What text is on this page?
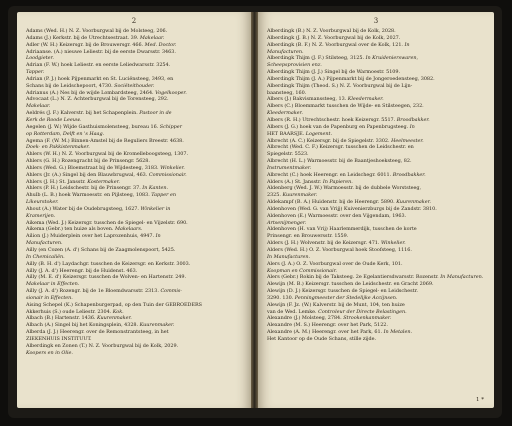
2
Adams (Wed. H.) N. Z. Voorburgwal bij de Molsteeg, 206.
Adams (J.) Kerkstr. bij de Utrechtsestraat. 39. Makelaar.
Adler (W. H.) Keizersgr. bij de Brouwersgr. 466. Med. Doctor.
Adriaanse. (A.) nieuwe Leliestr. bij de eerste Dwarsstr. 3463.
Loodgieter.
Adrian (F. W.) hoek Leliestr. en eerste Leliedwarsstr. 3254.
Tapper.
Adrian (P. J.) hoek Pijpenmarkt en St. Luciënsteeg, 3493, en
Schans bij de Leidschepoort, 4730. Sociëteithouder.
Adrianus (A.) Nes bij de wijde Lombardsteeg, 2464. Vogelkooper.
Advocaat (L.) N. Z. Achterburgwal bij de Torensteeg, 292.
Makelaar.
Aeldrés (J. F.) Kalverstr. bij het Schapenplein. Pastoor in de
Kerk de Roode Leeuw.
Aegelen (J. W.) Wijde Gasthuismolensteeg, bureau 16. Schipper
op Rotterdam, Delft en 's Haag.
Agema (F. (W. M.) Binnen-Amstel bij de Reguliers Breestr. 4638.
Doek- en Pakkistenmaker.
Ahlers (W. H.) N. Z. Voorburgwal bij de Kromelleboogsteeg, 1307.
Ahlers (G. H.) Rozengracht bij de Prinsengr. 5628.
Ahlers (Wed. G.) Bloemstraat bij de Wijdesteeg, 3183. Winkelier.
Ahlers (Jr. (A.) Singel bij den Blauwbrugwal, 463. Commissionair.
Ahlers (J. H.) St. Jansstr. Kostermaker.
Ahlers (P. H.) Leidschestr. bij de Prinsengr. 37. In Kanten.
Ahulb (L. B.) hoek Warmoesstr. en Pijlsteeg, 1083. Tapper en
Likeurstoker.
Ahout (A.) Water bij de Oudebrugsteeg, 1627. Winkelier in
Kramerijen.
Aikema (Wed. J.) Keizersgr. tusschen de Spiegel- en Vijzelstr. 690.
Aikema (Gebr.) ten huize als boven. Makelaars.
Ailion (J.) Muiderplein over het Laprozenhuis, 4947. In
Manufacturen.
Ailly (en Cozen (A. d') Schans bij de Zaagmolenspoort, 5425.
In Chemicaliën.
Ailly (B. H. d') Laydachgr. tusschen de Keizersgr. en Kerkstr. 3003.
Ailly (J. A. d') Heerengr. bij de Huidenst. 463.
Ailly (M. E. d') Keizersgr. tusschen de Wolven- en Hartenstr. 249.
Makelaar in Effecten.
Ailly (J. A. d') Rozengr. bij de 1e Bloemdwarsstr. 2313. Commis-
sionair in Effecten.
Aising Schepel (K.) Schapenburgerpad, op den Tuin der GEBROEDERS
Akkerhuis (S.) oude Leliestr. 2304. Kok.
Albach (B.) Hartenstr. 1436. Kuurenmaker.
Albach (A.) Singel bij het Koningsplein, 4328. Kuurenmaker.
Alberda (J. J.) Heerengr. over de Remonstrantsteeg, in het
ZIEKENHUIS INSTITUUT.
Alberdingk en Zonen (T.) N. Z. Voorburgwal bij de Kolk, 2029.
Koopers en in Olie.
3
Alberdingk (B.) N. Z. Voorburgwal bij de Kolk, 2028.
Alberdingk (J. B.) N. Z. Voorburgwal bij de Kolk, 2027.
Alberdingk (B. F.) N. Z. Voorburgwal over de Kolk, 121. In
Manufacturen.
Alberdingk Thijm (J. F.) Stilsteeg, 3125. In Kruidenierswaren,
Scheepsprovisien enz.
Alberdingk Thijm (J. J.) Singel bij de Warmoestr. 5109.
Alberdingk Thijm (J. A.) Pijpenmarkt bij de Jongeroedensteeg, 3082.
Alberdingk Thijm (Theod. S.) N. Z. Voorburgwal bij de Lijn-
baansteeg, 160.
Albers (J.) Bakvismanssteeg, 13. Kleedermaker.
Albers (C.) Bloemmarkt tusschen de Wijde- en Stilsteegen, 232.
Kleedermaker.
Albers (R. H.) Utrechtschestr. hoek Keizersgr. 5517. Broodbakker.
Albers (J. G.) hoek van de Papenburg en Papenbrugsteeg. In
HET BAARSJE. Logement.
Albrecht (A. C.) Keizersgr. bij de Spiegelstr. 3302. Heelmeester.
Albrecht (Wed. C. F.) Keizersgr. tusschen de Leidschestr. en
Spiegelstr. 5523.
Albrecht (H. L.) Warmoesstr. bij de Baantjeshoeksteeg, 82.
Instrumentmaker.
Albrecht (C.) hoek Heerengr. en Leidschegr. 6011. Broodbakker.
Alders (A.) St. Jansstr. In Papieren.
Aldenberg (Wed. J. W.) Warmoesstr. bij de dubbele Worststeeg,
2325. Kuurenmaker.
Aldekampf (B. A.) Huidenstr. bij de Heerengr. 5890. Kuurenmaker.
Aldenhoven (Wed. G. van Vrijj) Kuivenierzburgs bij de Zandstr. 3810.
Aldenhoven (E.) Warmoesstr. over den Vijgendam, 1963.
Artsenijmenger.
Aldenhoven (H. van Vrij) Haarlemmerdijk, tusschen de korte
Prinsengr. en Brouwersstr. 1559.
Alders (J. H.) Wolvenstr. bij de Keizersgr. 471. Winkelier.
Alders (Wed. H.) O. Z. Voorburgwal hoek Stoofsteeg, 1116.
In Manufacturen.
Alers (J. A.) O. Z. Voorburgwal over de Oude Kerk, 101.
Koopman en Commissionair.
Alers (Gebr.) Rokin bij de Taksteeg. 2e Egelantiersdwarsstr. Rozenstr. In Manufacturen.
Alewijn (M. B.) Keizersgr. tusschen de Leidschestr. en Gracht 2069.
Alewijn (D. J.) Keizersgr. tusschen de Spiegel- en Leidschestr.
3290. 130. Penningmeester der Stedelijke Accijnsen.
Alewijn (F. Jz. (W.) Kalverstr. bij de Munt, 104, ten huize
van de Wed. Lemke. Controleur der Directe Belastingen.
Alexandre (J.) Molsteeg, 2784. Strookenkanmaker.
Alexandre (M. S.) Heerengr. over het Park, 5122.
Alexandre (A. M.) Heerengr. over het Park, 61. In Metalen.
Het Kantoor op de Oude Schans, stille zijde.
1 *
